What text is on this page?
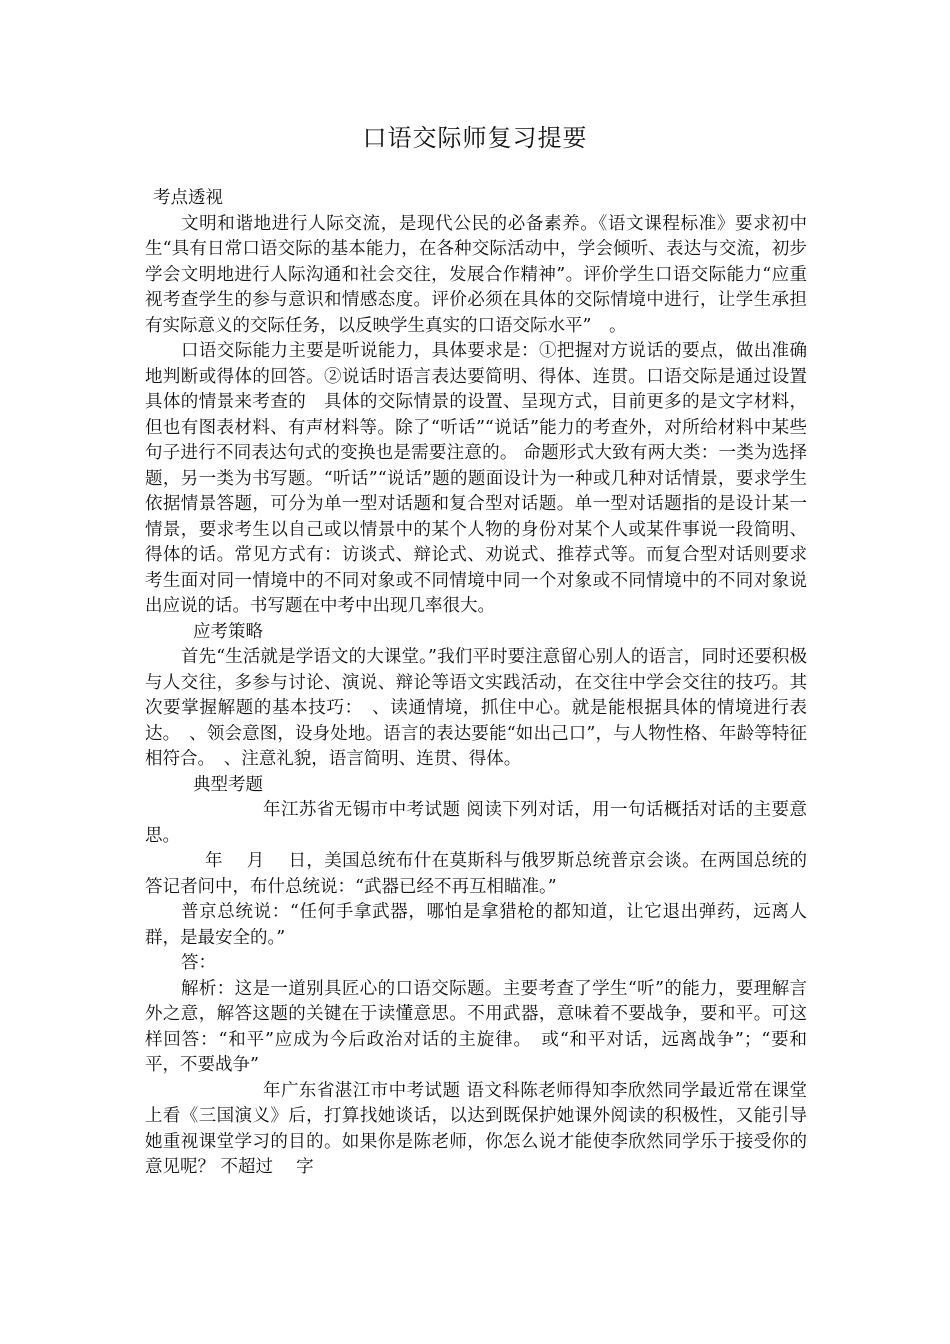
口语交际师复习提要

考点透视

文明和谐地进行人际交流，是现代公民的必备素养。《语文课程标准》要求初中生“具有日常口语交际的基本能力，在各种交际活动中，学会倾听、表达与交流，初步学会文明地进行人际沟通和社会交往，发展合作精神”。评价学生口语交际能力“应重视考查学生的参与意识和情感态度。评价必须在具体的交际情境中进行，让学生承担有实际意义的交际任务，以反映学生真实的口语交际水平”　。

口语交际能力主要是听说能力，具体要求是：①把握对方说话的要点，做出准确地判断或得体的回答。②说话时语言表达要简明、得体、连贯。口语交际是通过设置具体的情景来考查的　具体的交际情景的设置、呈现方式，目前更多的是文字材料，但也有图表材料、有声材料等。除了“听话”“说话”能力的考查外，对所给材料中某些句子进行不同表达句式的变换也是需要注意的。 命题形式大致有两大类：一类为选择题，另一类为书写题。“听话”“说话”题的题面设计为一种或几种对话情景，要求学生依据情景答题，可分为单一型对话题和复合型对话题。单一型对话题指的是设计某一情景，要求考生以自己或以情景中的某个人物的身份对某个人或某件事说一段简明、得体的话。常见方式有：访谈式、辩论式、劝说式、推荐式等。而复合型对话则要求考生面对同一情境中的不同对象或不同情境中同一个对象或不同情境中的不同对象说出应说的话。书写题在中考中出现几率很大。

应考策略

首先“生活就是学语文的大课堂。”我们平时要注意留心别人的语言，同时还要积极与人交往，多参与讨论、演说、辩论等语文实践活动，在交往中学会交往的技巧。其次要掌握解题的基本技巧：　、读通情境，抓住中心。就是能根据具体的情境进行表达。　、领会意图，设身处地。语言的表达要能“如出己口”，与人物性格、年龄等特征相符合。　、注意礼貌，语言简明、连贯、得体。

典型考题

年江苏省无锡市中考试题 阅读下列对话，用一句话概括对话的主要意思。

年　 月　 日，美国总统布什在莫斯科与俄罗斯总统普京会谈。在两国总统的答记者问中，布什总统说：“武器已经不再互相瞄准。”

普京总统说：“任何手拿武器，哪怕是拿猎枪的都知道，让它退出弹药，远离人群，是最安全的。”

答：

解析：这是一道别具匠心的口语交际题。主要考查了学生“听”的能力，要理解言外之意，解答这题的关键在于读懂意思。不用武器，意味着不要战争，要和平。可这样回答：“和平”应成为今后政治对话的主旋律。　或“和平对话，远离战争”；“要和平，不要战争”

年广东省湛江市中考试题 语文科陈老师得知李欣然同学最近常在课堂上看《三国演义》后，打算找她谈话，以达到既保护她课外阅读的积极性，又能引导她重视课堂学习的目的。如果你是陈老师，你怎么说才能使李欣然同学乐于接受你的意见呢？ 不超过　 字
